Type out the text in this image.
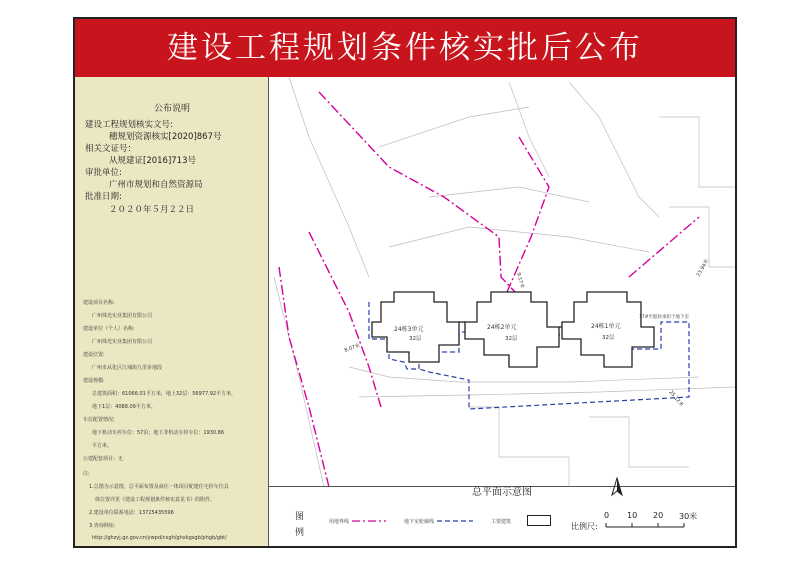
建设工程规划条件核实批后公布
公布说明
建设工程规划核实文号:
穗规划资源核实[2020]867号
相关文证号：
从规建证[2016]713号
审批单位:
广州市规划和自然资源局
批准日期:
２０２０年５月２２日
建设项目名称:
广州珠光实业集团有限公司
建设单位（个人）名称:
广州珠光实业集团有限公司
建设位置:
广州市从化区江埔街九里步地段
建设规模:
总建筑面积：61066.01平方米，地上32层：56977.92平方米，
地下1层：4088.09平方米。
车位配置情况:
地下机动车停车位：57泊；地下非机动车停车位：1930.86
平方米。
公建配套项目：无
注:
1.总图为示意图，总平面布置及商住一体项目配建住宅停车位具
体位置详见《建设工程规划条件核实意见书》的附件。
2.建设单位联系电话：13725435596
3.查询网址:
http://ghzyj.gz.gov.cn/ywpd/cxgh/ghxkgsgb/phgb/gbt/
24栋3单元	24栋2单元	24栋1单元
32层	32层	32层
17#至船轨承担于地下室
9.17米
23.94米
8.07米
25.12米
总平面示意图
图
例
用地界线	地下室轮廓线	主要建筑	比例尺:
0 10 20 30米
